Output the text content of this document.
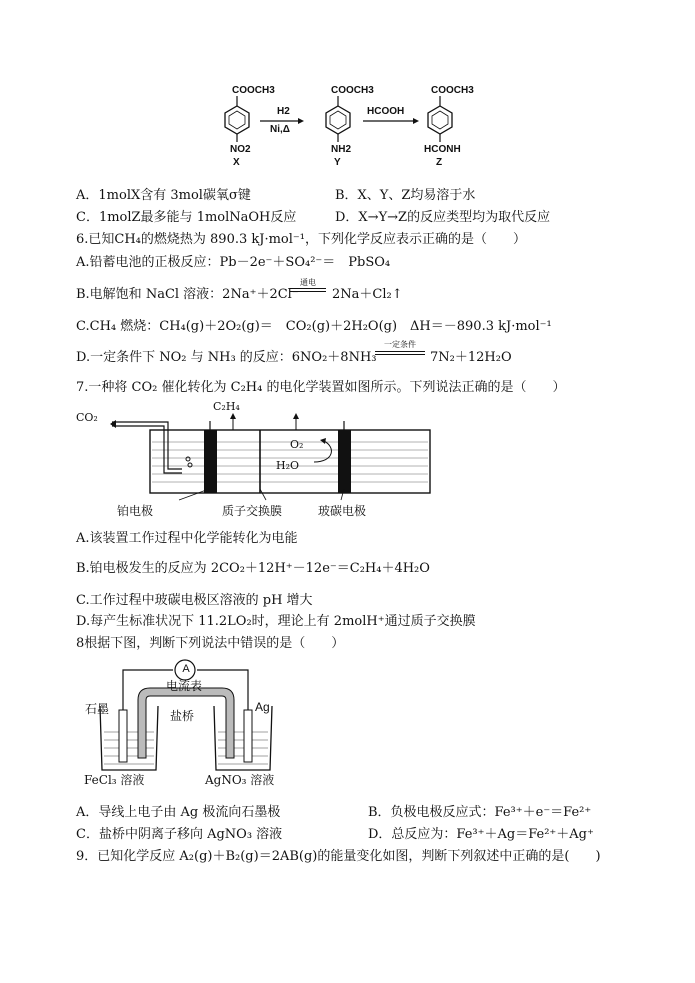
COOCH3
NO2
X
H2
Ni,Δ
COOCH3
NH2
Y
HCOOH
COOCH3
HCONH
Z
A．1molX含有 3mol碳氧σ键	B．X、Y、Z均易溶于水
C．1molZ最多能与 1molNaOH反应	D．X→Y→Z的反应类型均为取代反应
6.已知CH₄的燃烧热为 890.3 kJ·mol⁻¹，下列化学反应表示正确的是（　　）
A.铅蓄电池的正极反应：Pb－2e⁻＋SO₄²⁻＝　PbSO₄
B.电解饱和 NaCl 溶液：2Na⁺＋2Cl⁻
通电
2Na＋Cl₂↑
C.CH₄ 燃烧：CH₄(g)＋2O₂(g)＝　CO₂(g)＋2H₂O(g)　ΔH＝－890.3 kJ·mol⁻¹
D.一定条件下 NO₂ 与 NH₃ 的反应：6NO₂＋8NH₃
一定条件
7N₂＋12H₂O
7.一种将 CO₂ 催化转化为 C₂H₄ 的电化学装置如图所示。下列说法正确的是（　　）
CO₂
C₂H₄
O₂
H₂O
铂电极	质子交换膜	玻碳电极
A.该装置工作过程中化学能转化为电能
B.铂电极发生的反应为 2CO₂＋12H⁺－12e⁻＝C₂H₄＋4H₂O
C.工作过程中玻碳电极区溶液的 pH 增大
D.每产生标准状况下 11.2LO₂时，理论上有 2molH⁺通过质子交换膜
8根据下图，判断下列说法中错误的是（　　）
A
电流表
石墨	盐桥
Ag
FeCl₃ 溶液	AgNO₃ 溶液
A．导线上电子由 Ag 极流向石墨极	B．负极电极反应式：Fe³⁺＋e⁻＝Fe²⁺
C．盐桥中阴离子移向 AgNO₃ 溶液	D．总反应为：Fe³⁺＋Ag＝Fe²⁺＋Ag⁺
9．已知化学反应 A₂(g)＋B₂(g)＝2AB(g)的能量变化如图，判断下列叙述中正确的是(　　)
